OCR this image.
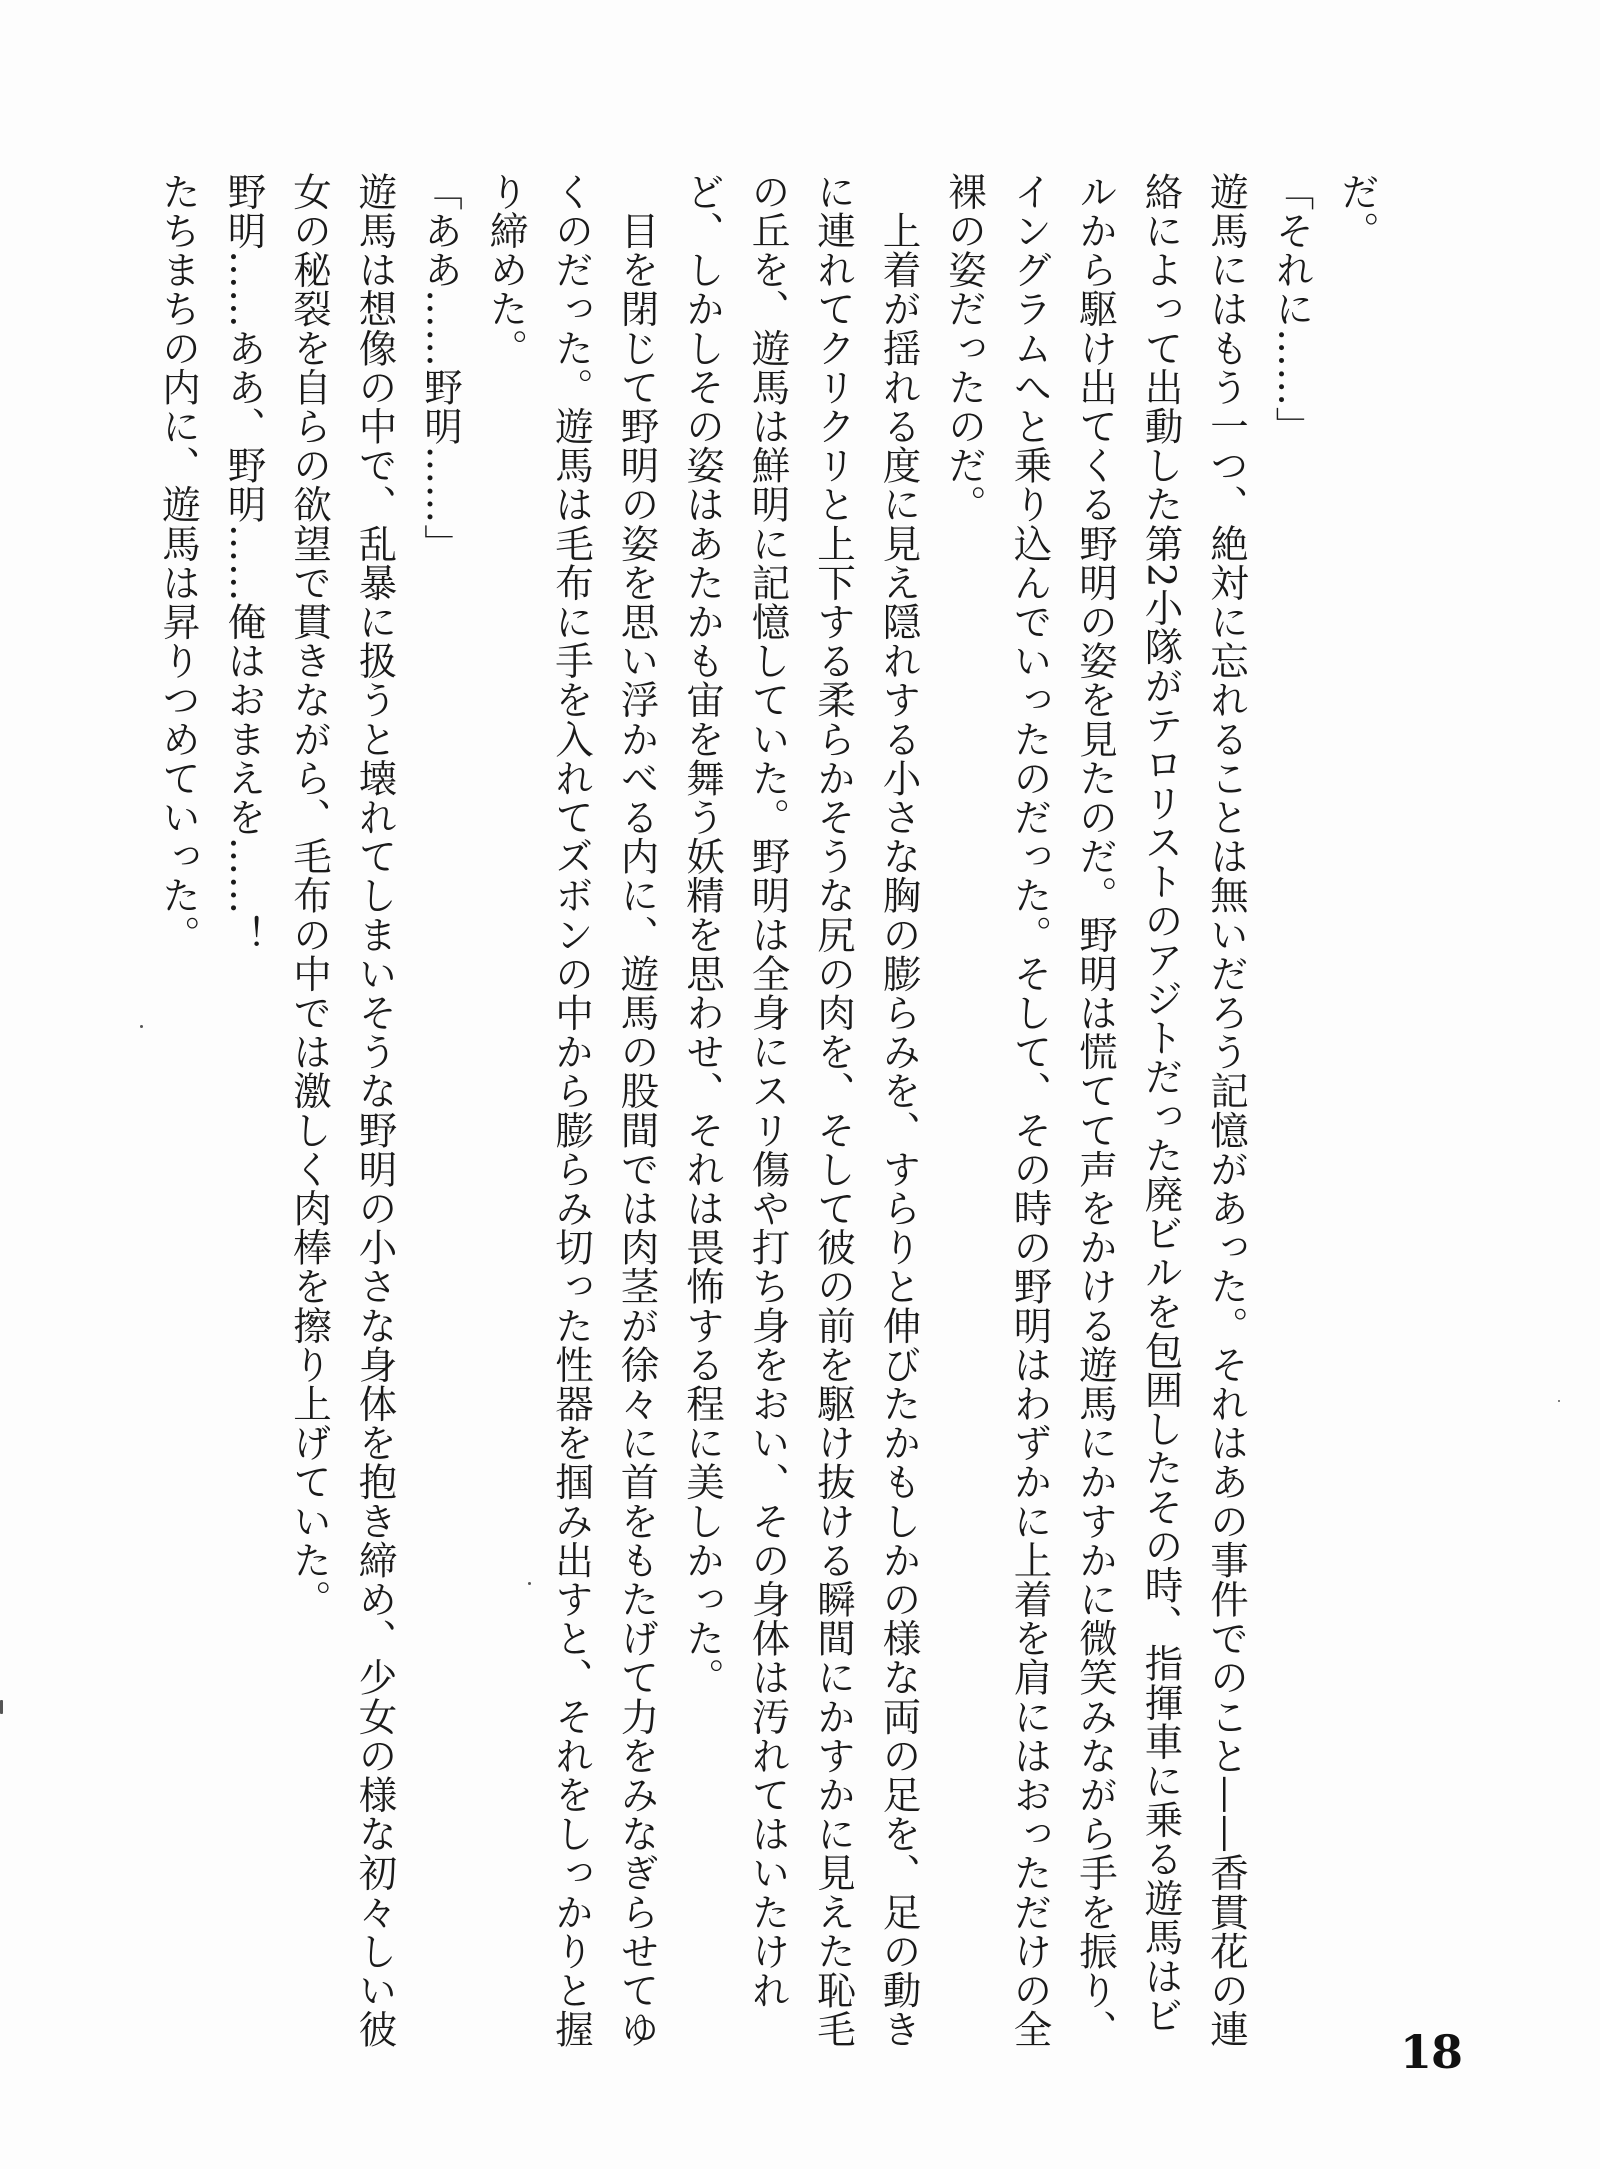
だ。

「それに……」

遊馬にはもう一つ、絶対に忘れることは無いだろう記憶があった。それはあの事件でのこと——香貫花の連絡によって出動した第2小隊がテロリストのアジトだった廃ビルを包囲したその時、指揮車に乗る遊馬はビルから駆け出てくる野明の姿を見たのだ。野明は慌てて声をかける遊馬にかすかに微笑みながら手を振り、イングラムへと乗り込んでいったのだった。そして、その時の野明はわずかに上着を肩にはおっただけの全裸の姿だったのだ。

　上着が揺れる度に見え隠れする小さな胸の膨らみを、すらりと伸びたかもしかの様な両の足を、足の動きに連れてクリクリと上下する柔らかそうな尻の肉を、そして彼の前を駆け抜ける瞬間にかすかに見えた恥毛の丘を、遊馬は鮮明に記憶していた。野明は全身にスリ傷や打ち身をおい、その身体は汚れてはいたけれど、しかしその姿はあたかも宙を舞う妖精を思わせ、それは畏怖する程に美しかった。

　目を閉じて野明の姿を思い浮かべる内に、遊馬の股間では肉茎が徐々に首をもたげて力をみなぎらせてゆくのだった。遊馬は毛布に手を入れてズボンの中から膨らみ切った性器を掴み出すと、それをしっかりと握り締めた。

「ああ……野明……」

遊馬は想像の中で、乱暴に扱うと壊れてしまいそうな野明の小さな身体を抱き締め、少女の様な初々しい彼女の秘裂を自らの欲望で貫きながら、毛布の中では激しく肉棒を擦り上げていた。

野明……ああ、野明……俺はおまえを……！

たちまちの内に、遊馬は昇りつめていった。

18
